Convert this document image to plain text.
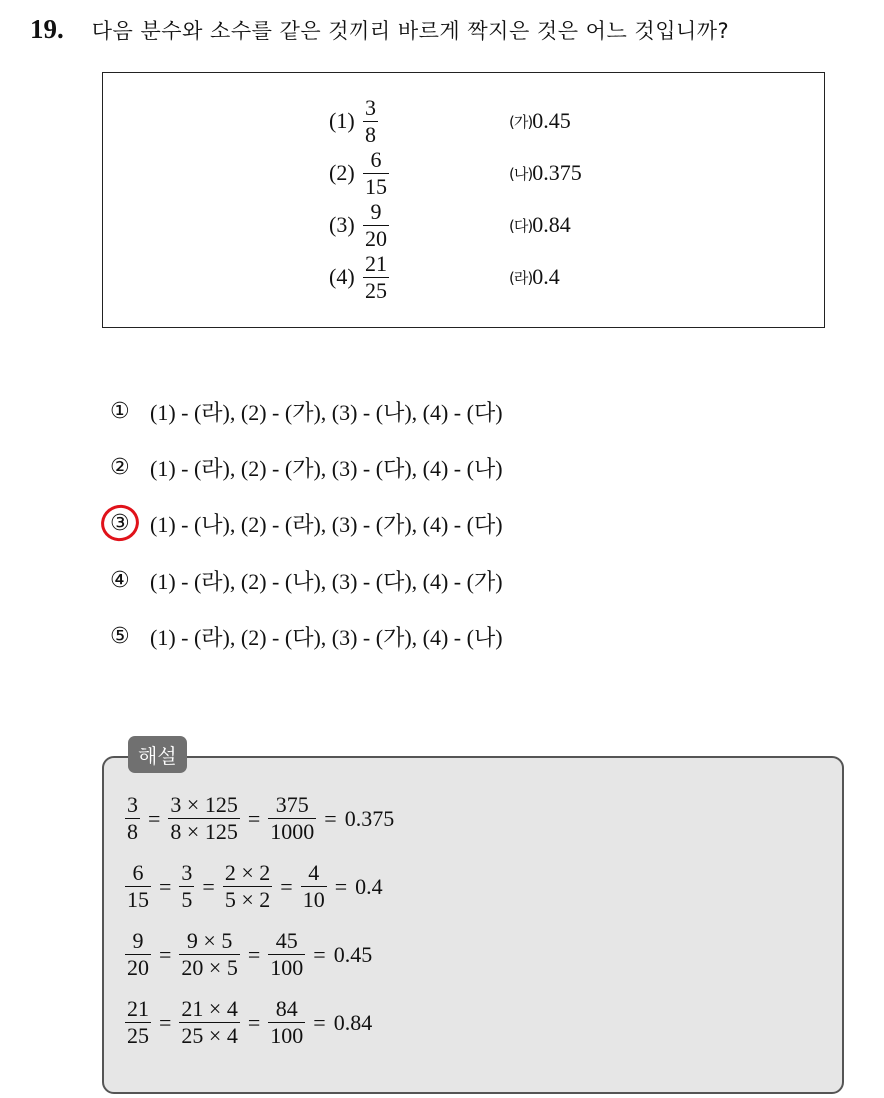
19. 다음 분수와 소수를 같은 것끼리 바르게 짝지은 것은 어느 것입니까?
$(1) \frac{3}{8}$	(가) 0.45
$(2) \frac{6}{15}$	(나) 0.375
$(3) \frac{9}{20}$	(다) 0.84
$(4) \frac{21}{25}$	(라) 0.4
① (1) - (라), (2) - (가), (3) - (나), (4) - (다)
② (1) - (라), (2) - (가), (3) - (다), (4) - (나)
③ (1) - (나), (2) - (라), (3) - (가), (4) - (다)
④ (1) - (라), (2) - (나), (3) - (다), (4) - (가)
⑤ (1) - (라), (2) - (다), (3) - (가), (4) - (나)
해설
$\frac{3}{8} = \frac{3 \times 125}{8 \times 125} = \frac{375}{1000} = 0.375$
$\frac{6}{15} = \frac{3}{5} = \frac{2 \times 2}{5 \times 2} = \frac{4}{10} = 0.4$
$\frac{9}{20} = \frac{9 \times 5}{20 \times 5} = \frac{45}{100} = 0.45$
$\frac{21}{25} = \frac{21 \times 4}{25 \times 4} = \frac{84}{100} = 0.84$
